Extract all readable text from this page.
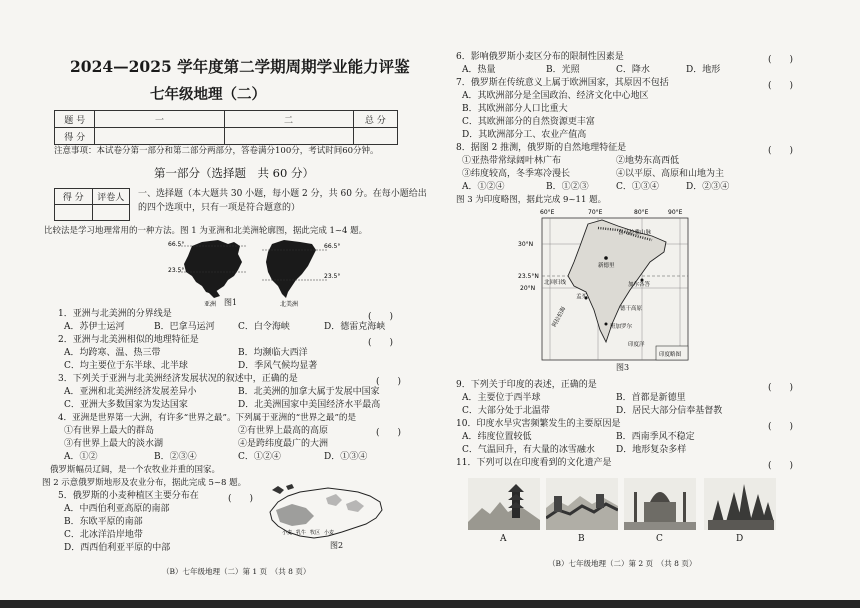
2024—2025 学年度第二学期周期学业能力评鉴
七年级地理（二）
题 号	一	二	总 分
得 分			
注意事项：本试卷分第一部分和第二部分两部分，答卷满分100分，考试时间60分钟。
第一部分（选择题　共 60 分）
得 分	评卷人
	一、选择题（本大题共 30 小题，每小题 2 分，共 60 分。在每小题给出
的四个选项中，只有一项是符合题意的）
比较法是学习地理常用的一种方法。图 1 为亚洲和北美洲轮廓图，据此完成 1~4 题。
66.5°
23.5°
66.5°
23.5°
亚洲	北美洲
图1
1．亚洲与北美洲的分界线是	(　　)
A．苏伊士运河	B．巴拿马运河	C．白令海峡	D．德雷克海峡
2．亚洲与北美洲相似的地理特征是	(　　)
A．均跨寒、温、热三带	B．均濒临大西洋
C．均主要位于东半球、北半球	D．季风气候均显著
3．下列关于亚洲与北美洲经济发展状况的叙述中，正确的是	(　　)
A．亚洲和北美洲经济发展差异小	B．北美洲的加拿大属于发展中国家
C．亚洲大多数国家为发达国家	D．北美洲国家中美国经济水平最高
4．亚洲是世界第一大洲，有许多“世界之最”。下列属于亚洲的“世界之最”的是
(　　)
①有世界上最大的群岛	②有世界上最高的高原
③有世界上最大的淡水湖	④是跨纬度最广的大洲
A．①②	B．②③④	C．①②④	D．①③④
俄罗斯幅员辽阔，是一个农牧业并重的国家。
图 2 示意俄罗斯地形及农业分布，据此完成 5~8 题。
5．俄罗斯的小麦种植区主要分布在	(　　)
A．中西伯利亚高原的南部
B．东欧平原的南部
C．北冰洋沿岸地带
D．西西伯利亚平原的中部
小麦 乳牛 牧区 小麦
图2
（B）七年级地理（二）第 1 页　（共 8 页）
6．影响俄罗斯小麦区分布的限制性因素是	(　　)
A．热量	B．光照	C．降水	D．地形
7．俄罗斯在传统意义上属于欧洲国家，其原因不包括	(　　)
A．其欧洲部分是全国政治、经济文化中心地区
B．其欧洲部分人口比重大
C．其欧洲部分的自然资源更丰富
D．其欧洲部分工、农业产值高
8．据图 2 推测，俄罗斯的自然地理特征是	(　　)
①亚热带常绿阔叶林广布	②地势东高西低
③纬度较高，冬季寒冷漫长	④以平原、高原和山地为主
A．①②④	B．①②③	C．①③④	D．②③④
图 3 为印度略图，据此完成 9~11 题。
60°E	70°E	80°E	90°E
30°N
23.5°N
20°N
喜马拉雅山脉
新德里
北回归线	加尔各答
孟买
德干高原
班加罗尔
印度洋
阿拉伯海
印度略图
图3
9．下列关于印度的表述，正确的是	(　　)
A．主要位于西半球	B．首都是新德里
C．大部分处于北温带	D．居民大部分信奉基督教
10．印度水旱灾害频繁发生的主要原因是	(　　)
A．纬度位置较低	B．西南季风不稳定
C．气温回升，有大量的冰雪融水 D．地形复杂多样
11．下列可以在印度看到的文化遗产是	(　　)
A	B	C	D
（B）七年级地理（二）第 2 页　（共 8 页）
